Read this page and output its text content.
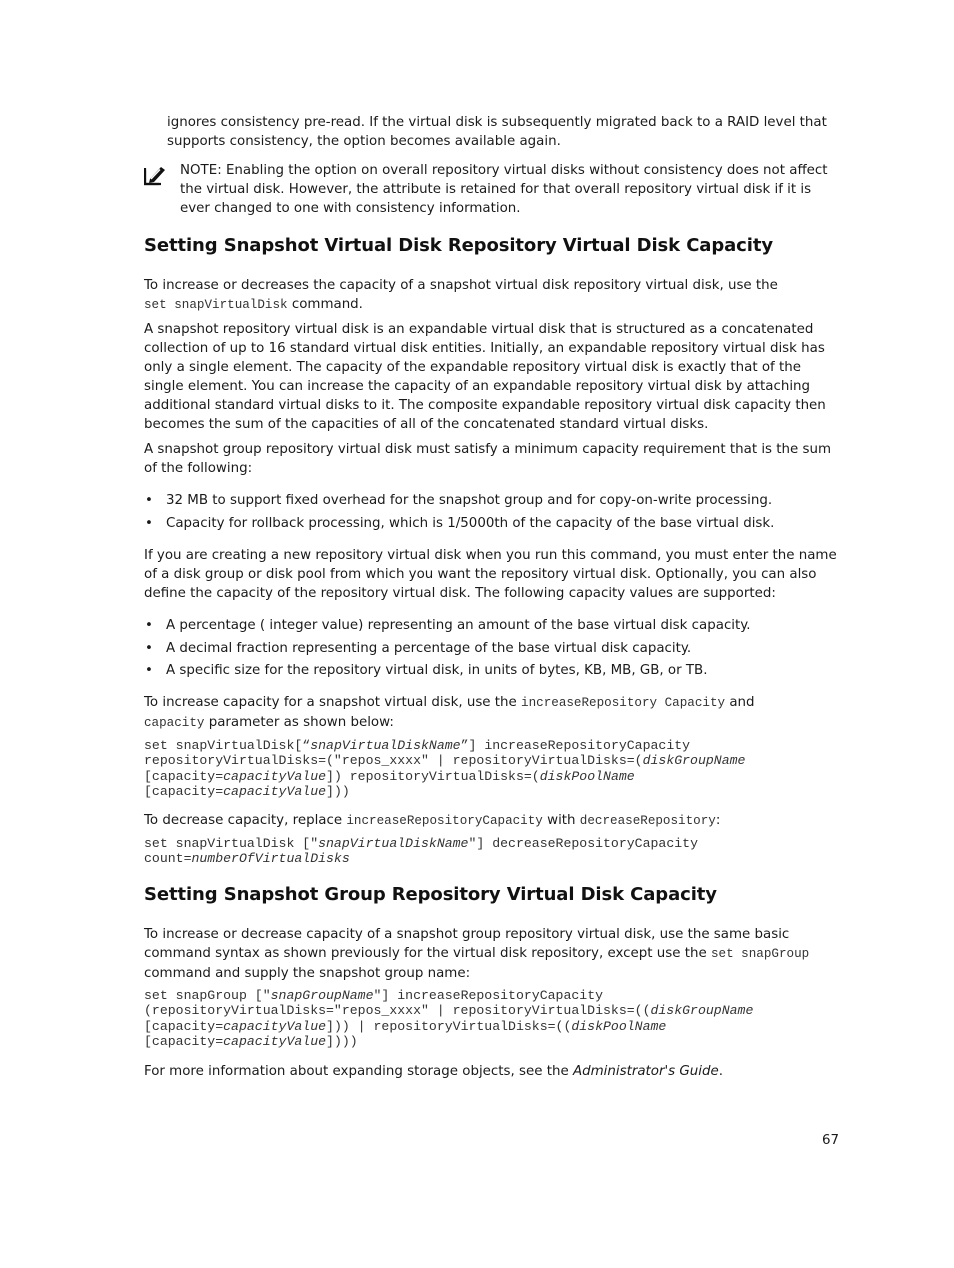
ignores consistency pre-read. If the virtual disk is subsequently migrated back to a RAID level that
supports consistency, the option becomes available again.

NOTE: Enabling the option on overall repository virtual disks without consistency does not affect the virtual disk. However, the attribute is retained for that overall repository virtual disk if it is ever changed to one with consistency information.

Setting Snapshot Virtual Disk Repository Virtual Disk Capacity

To increase or decreases the capacity of a snapshot virtual disk repository virtual disk, use the set snapVirtualDisk command.

A snapshot repository virtual disk is an expandable virtual disk that is structured as a concatenated collection of up to 16 standard virtual disk entities. Initially, an expandable repository virtual disk has only a single element. The capacity of the expandable repository virtual disk is exactly that of the single element. You can increase the capacity of an expandable repository virtual disk by attaching additional standard virtual disks to it. The composite expandable repository virtual disk capacity then becomes the sum of the capacities of all of the concatenated standard virtual disks.

A snapshot group repository virtual disk must satisfy a minimum capacity requirement that is the sum of the following:

• 32 MB to support fixed overhead for the snapshot group and for copy-on-write processing.
• Capacity for rollback processing, which is 1/5000th of the capacity of the base virtual disk.

If you are creating a new repository virtual disk when you run this command, you must enter the name of a disk group or disk pool from which you want the repository virtual disk. Optionally, you can also define the capacity of the repository virtual disk. The following capacity values are supported:

• A percentage ( integer value) representing an amount of the base virtual disk capacity.
• A decimal fraction representing a percentage of the base virtual disk capacity.
• A specific size for the repository virtual disk, in units of bytes, KB, MB, GB, or TB.

To increase capacity for a snapshot virtual disk, use the increaseRepository Capacity and
capacity parameter as shown below:

set snapVirtualDisk[“snapVirtualDiskName”] increaseRepositoryCapacity
repositoryVirtualDisks=("repos_xxxx" | repositoryVirtualDisks=(diskGroupName
[capacity=capacityValue]) repositoryVirtualDisks=(diskPoolName
[capacity=capacityValue]))

To decrease capacity, replace increaseRepositoryCapacity with decreaseRepository:

set snapVirtualDisk ["snapVirtualDiskName"] decreaseRepositoryCapacity
count=numberOfVirtualDisks
Setting Snapshot Group Repository Virtual Disk Capacity

To increase or decrease capacity of a snapshot group repository virtual disk, use the same basic
command syntax as shown previously for the virtual disk repository, except use the set snapGroup
command and supply the snapshot group name:

set snapGroup ["snapGroupName"] increaseRepositoryCapacity
(repositoryVirtualDisks="repos_xxxx" | repositoryVirtualDisks=((diskGroupName
[capacity=capacityValue])) | repositoryVirtualDisks=((diskPoolName
[capacity=capacityValue])))

For more information about expanding storage objects, see the Administrator's Guide.

67
